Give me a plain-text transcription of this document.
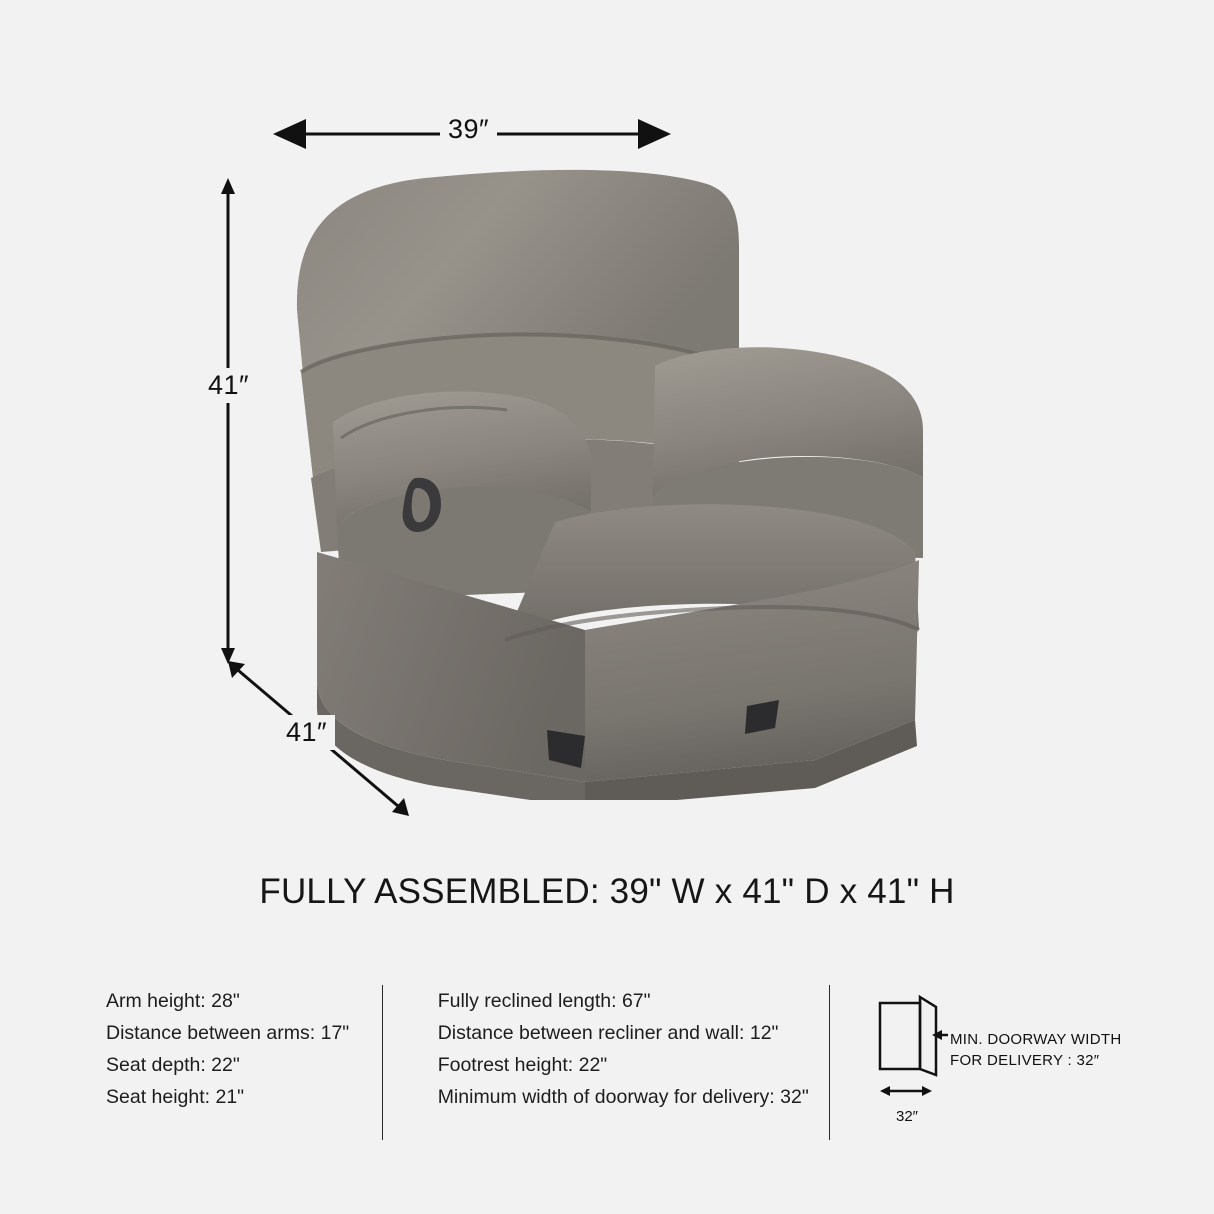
39″
41″
41″
FULLY ASSEMBLED: 39" W x 41" D x 41" H
Arm height: 28"
Distance between arms: 17"
Seat depth: 22"
Seat height: 21"
Fully reclined length: 67"
Distance between recliner and wall: 12"
Footrest height: 22"
Minimum width of doorway for delivery: 32"
MIN. DOORWAY WIDTH
FOR DELIVERY : 32″
32″
